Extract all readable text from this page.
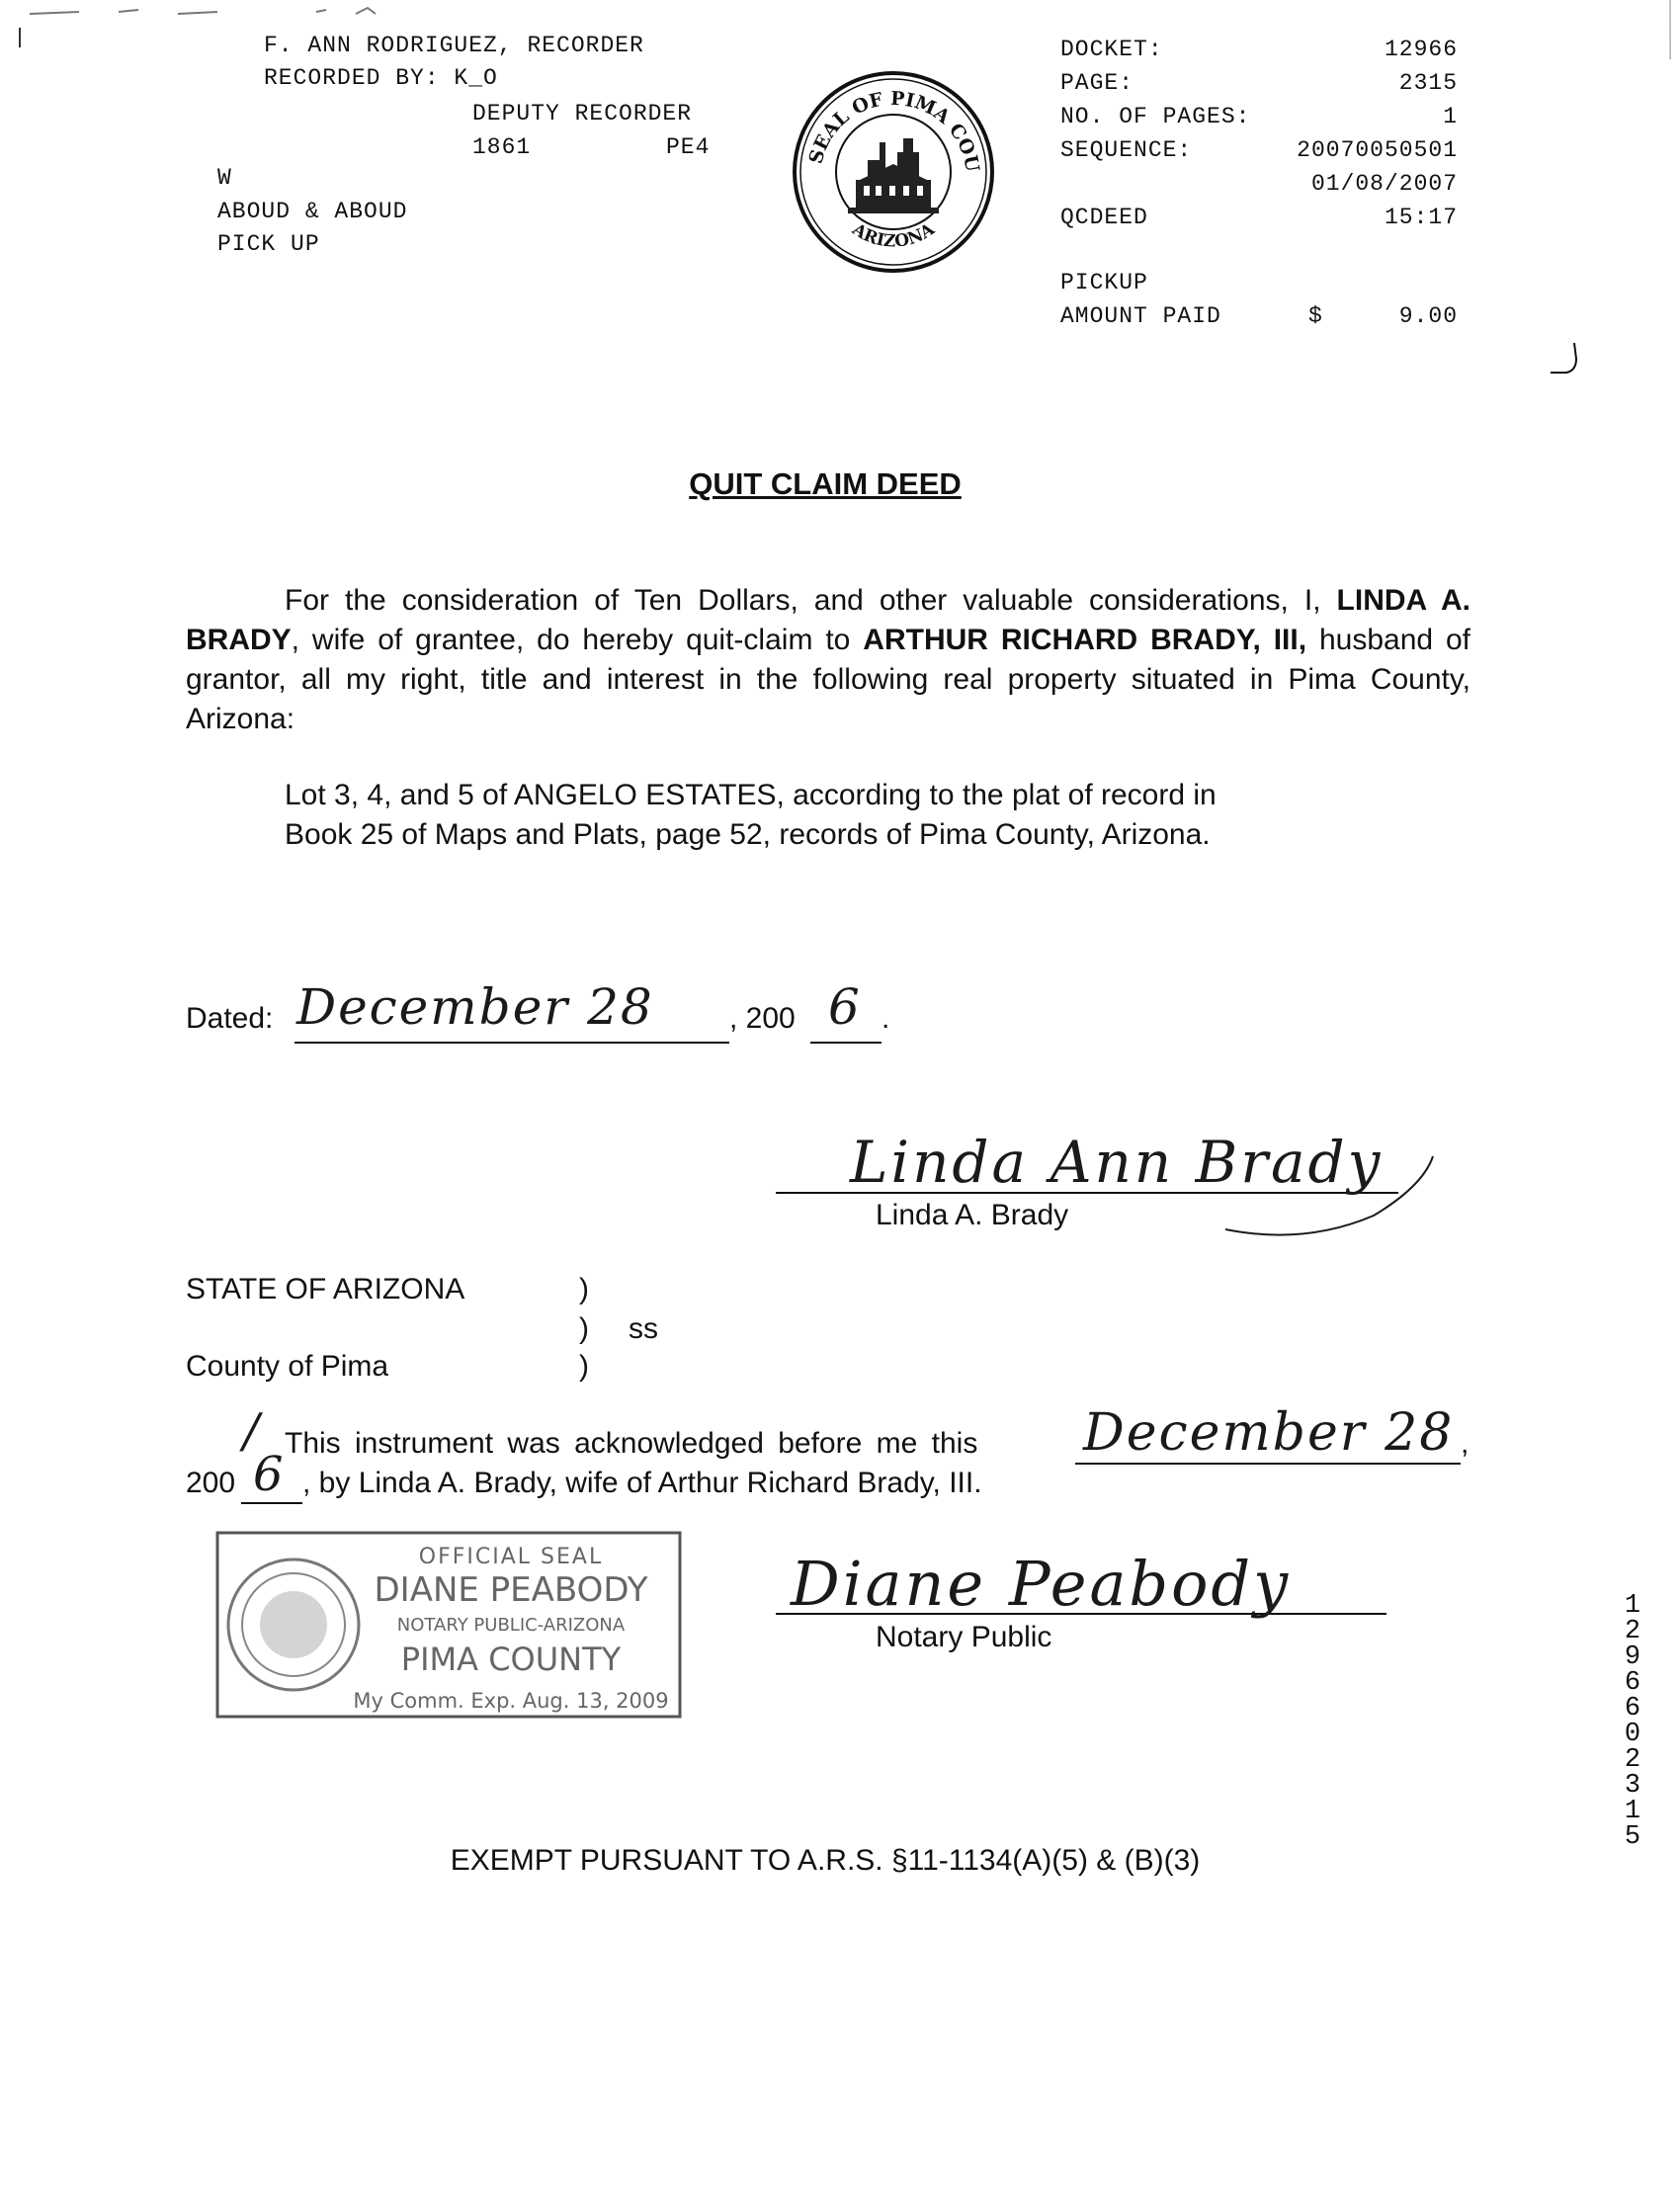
F. ANN RODRIGUEZ, RECORDER
RECORDED BY: K_O
DEPUTY RECORDER
1861	PE4
W
ABOUD & ABOUD
PICK UP
SEAL OF PIMA COU
ARIZONA
DOCKET:	12966
PAGE:	2315
NO. OF PAGES:	1
SEQUENCE:	20070050501
01/08/2007
QCDEED	15:17
PICKUP
AMOUNT PAID	$	9.00
QUIT CLAIM DEED
For the consideration of Ten Dollars, and other valuable considerations, I, LINDA A. BRADY, wife of grantee, do hereby quit-claim to ARTHUR RICHARD BRADY, III, husband of grantor, all my right, title and interest in the following real property situated in Pima County, Arizona:
Lot 3, 4, and 5 of ANGELO ESTATES, according to the plat of record in
Book 25 of Maps and Plats, page 52, records of Pima County, Arizona.
Dated: December 28	, 200 6 .
Linda Ann Brady
Linda A. Brady
STATE OF ARIZONA	)
) ss
County of Pima	)
/ This instrument was acknowledged before me this December 28 ,
200 6 , by Linda A. Brady, wife of Arthur Richard Brady, III.
OFFICIAL SEAL
DIANE PEABODY
NOTARY PUBLIC-ARIZONA
PIMA COUNTY
My Comm. Exp. Aug. 13, 2009
Diane Peabody
Notary Public
EXEMPT PURSUANT TO A.R.S. §11-1134(A)(5) & (B)(3)
12966 02315
